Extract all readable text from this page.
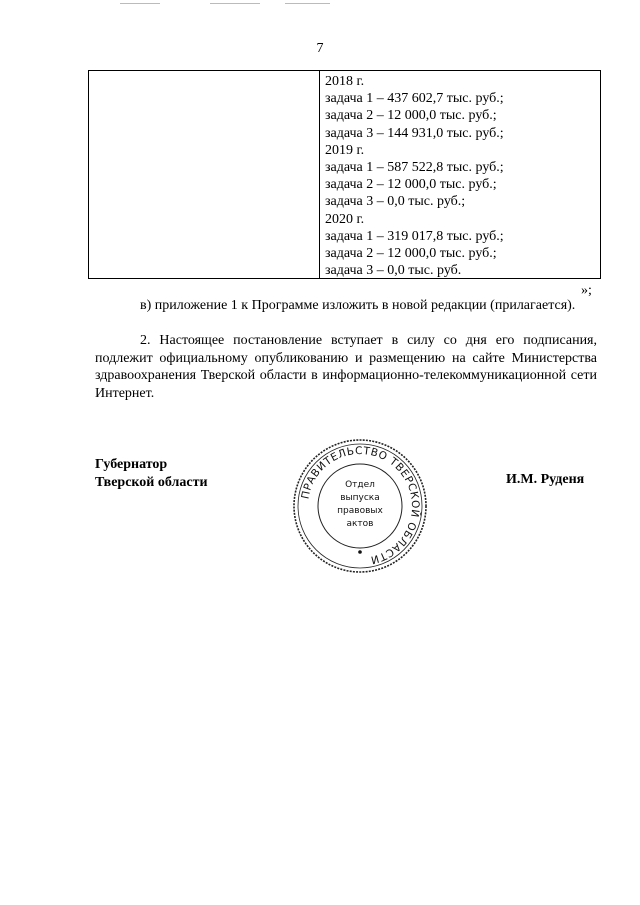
7
2018 г.
задача 1 – 437 602,7 тыс. руб.;
задача 2 – 12 000,0 тыс. руб.;
задача 3 – 144 931,0 тыс. руб.;
2019 г.
задача 1 – 587 522,8 тыс. руб.;
задача 2 – 12 000,0 тыс. руб.;
задача 3 – 0,0 тыс. руб.;
2020 г.
задача 1 – 319 017,8 тыс. руб.;
задача 2 – 12 000,0 тыс. руб.;
задача 3 – 0,0 тыс. руб.
»;
в) приложение 1 к Программе изложить в новой редакции (прилагается).
2. Настоящее постановление вступает в силу со дня его подписания, подлежит официальному опубликованию и размещению на сайте Министерства здравоохранения Тверской области в информационно-телекоммуникационной сети Интернет.
Губернатор
Тверской области	И.М. Руденя
ПРАВИТЕЛЬСТВО ТВЕРСКОЙ ОБЛАСТИ
Отдел
выпуска
правовых
актов
